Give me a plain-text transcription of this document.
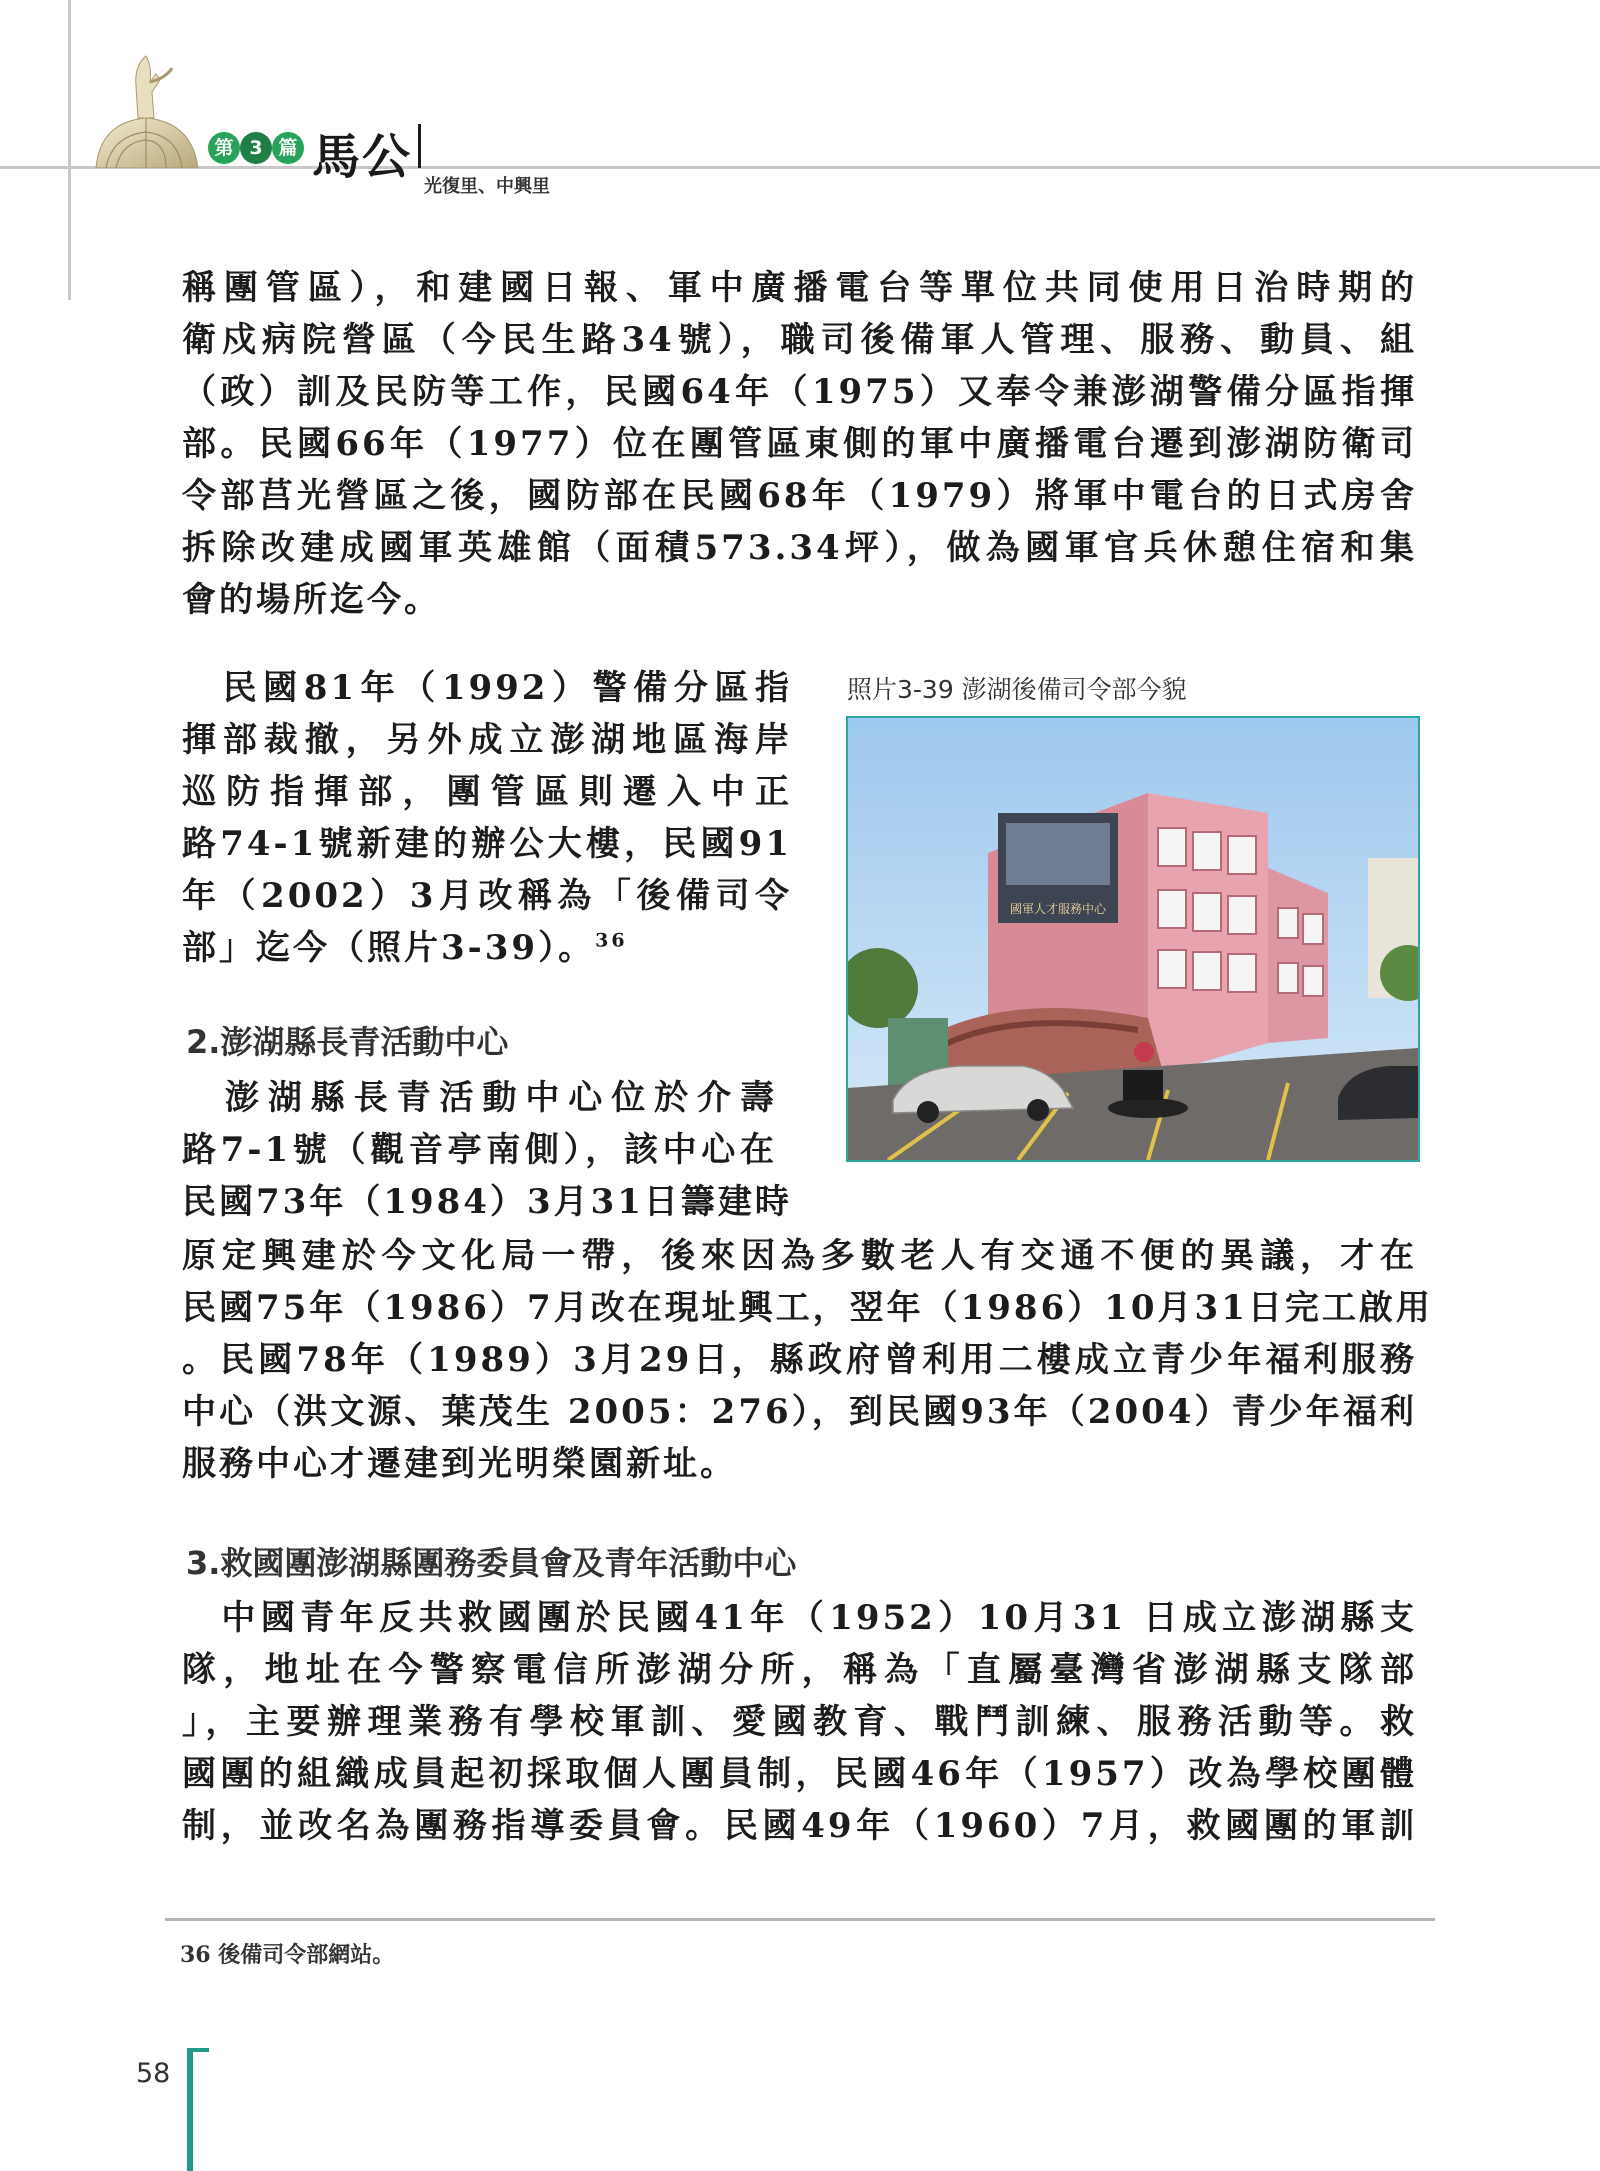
第 3 篇 馬公
光復里、中興里
稱團管區），和建國日報、軍中廣播電台等單位共同使用日治時期的
衛戍病院營區（今民生路34號），職司後備軍人管理、服務、動員、組
（政）訓及民防等工作，民國64年（1975）又奉令兼澎湖警備分區指揮
部。民國66年（1977）位在團管區東側的軍中廣播電台遷到澎湖防衛司
令部莒光營區之後，國防部在民國68年（1979）將軍中電台的日式房舍
拆除改建成國軍英雄館（面積573.34坪），做為國軍官兵休憩住宿和集
會的場所迄今。
　民國81年（1992）警備分區指
揮部裁撤，另外成立澎湖地區海岸
巡防指揮部，團管區則遷入中正
路74-1號新建的辦公大樓，民國91
年（2002）3月改稱為「後備司令
部」迄今（照片3-39）。$^{36}$
照片3-39 澎湖後備司令部今貌
國軍人才服務中心
2.澎湖縣長青活動中心
　澎湖縣長青活動中心位於介壽
路7-1號（觀音亭南側），該中心在
民國73年（1984）3月31日籌建時
原定興建於今文化局一帶，後來因為多數老人有交通不便的異議，才在
民國75年（1986）7月改在現址興工，翌年（1986）10月31日完工啟用
。民國78年（1989）3月29日，縣政府曾利用二樓成立青少年福利服務
中心（洪文源、葉茂生 2005：276），到民國93年（2004）青少年福利
服務中心才遷建到光明榮園新址。
3.救國團澎湖縣團務委員會及青年活動中心
　中國青年反共救國團於民國41年（1952）10月31 日成立澎湖縣支
隊，地址在今警察電信所澎湖分所，稱為「直屬臺灣省澎湖縣支隊部
」，主要辦理業務有學校軍訓、愛國教育、戰鬥訓練、服務活動等。救
國團的組織成員起初採取個人團員制，民國46年（1957）改為學校團體
制，並改名為團務指導委員會。民國49年（1960）7月，救國團的軍訓
36 後備司令部網站。
58
